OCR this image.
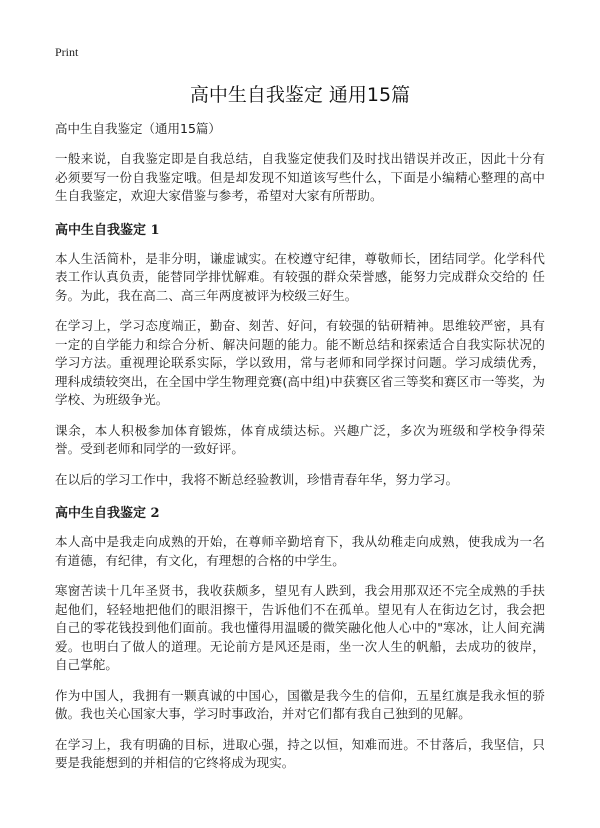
Print
高中生自我鉴定 通用15篇
高中生自我鉴定（通用15篇）

一般来说，自我鉴定即是自我总结，自我鉴定使我们及时找出错误并改正，因此十分有必须要写一份自我鉴定哦。但是却发现不知道该写些什么，下面是小编精心整理的高中生自我鉴定，欢迎大家借鉴与参考，希望对大家有所帮助。

高中生自我鉴定 1

本人生活简朴，是非分明，谦虚诚实。在校遵守纪律，尊敬师长，团结同学。化学科代表工作认真负责，能替同学排忧解难。有较强的群众荣誉感，能努力完成群众交给的 任务。为此，我在高二、高三年两度被评为校级三好生。

在学习上，学习态度端正，勤奋、刻苦、好问，有较强的钻研精神。思维较严密，具有一定的自学能力和综合分析、解决问题的能力。能不断总结和探索适合自我实际状况的学习方法。重视理论联系实际，学以致用，常与老师和同学探讨问题。学习成绩优秀，理科成绩较突出，在全国中学生物理竞赛(高中组)中获赛区省三等奖和赛区市一等奖，为学校、为班级争光。

课余，本人积极参加体育锻炼，体育成绩达标。兴趣广泛，多次为班级和学校争得荣誉。受到老师和同学的一致好评。

在以后的学习工作中，我将不断总经验教训，珍惜青春年华，努力学习。

高中生自我鉴定 2

本人高中是我走向成熟的开始，在尊师辛勤培育下，我从幼稚走向成熟，使我成为一名有道德，有纪律，有文化，有理想的合格的中学生。

寒窗苦读十几年圣贤书，我收获颇多，望见有人跌到，我会用那双还不完全成熟的手扶起他们，轻轻地把他们的眼泪擦干，告诉他们不在孤单。望见有人在街边乞讨，我会把自己的零花钱投到他们面前。我也懂得用温暖的微笑融化他人心中的"寒冰，让人间充满爱。也明白了做人的道理。无论前方是风还是雨，坐一次人生的帆船，去成功的彼岸，自己掌舵。

作为中国人，我拥有一颗真诚的中国心，国徽是我今生的信仰，五星红旗是我永恒的骄傲。我也关心国家大事，学习时事政治，并对它们都有我自己独到的见解。

在学习上，我有明确的目标，进取心强，持之以恒，知难而进。不甘落后，我坚信，只要是我能想到的并相信的它终将成为现实。
